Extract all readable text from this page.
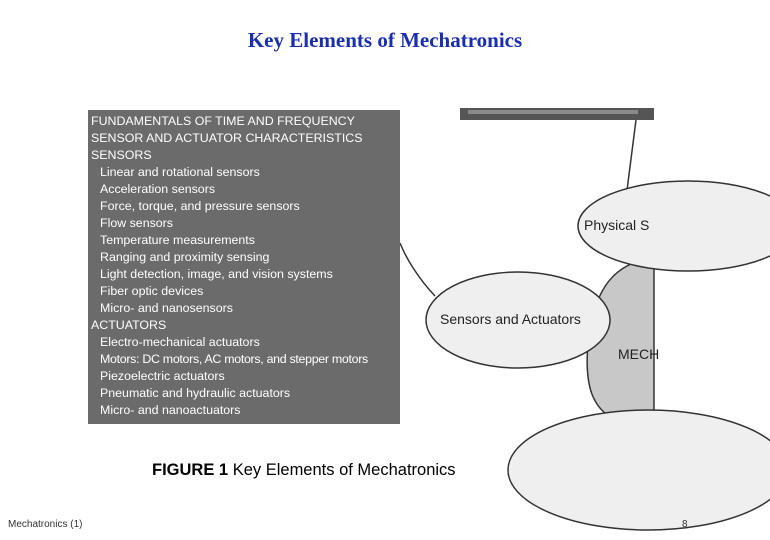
Key Elements of Mechatronics
FUNDAMENTALS OF TIME AND FREQUENCY
SENSOR AND ACTUATOR CHARACTERISTICS
SENSORS
Linear and rotational sensors
Acceleration sensors
Force, torque, and pressure sensors
Flow sensors
Temperature measurements
Ranging and proximity sensing
Light detection, image, and vision systems
Fiber optic devices
Micro- and nanosensors
ACTUATORS
Electro-mechanical actuators
Motors: DC motors, AC motors, and stepper motors
Piezoelectric actuators
Pneumatic and hydraulic actuators
Micro- and nanoactuators
Physical S
Sensors and Actuators
MECH
FIGURE 1 Key Elements of Mechatronics
Mechatronics (1)	8
